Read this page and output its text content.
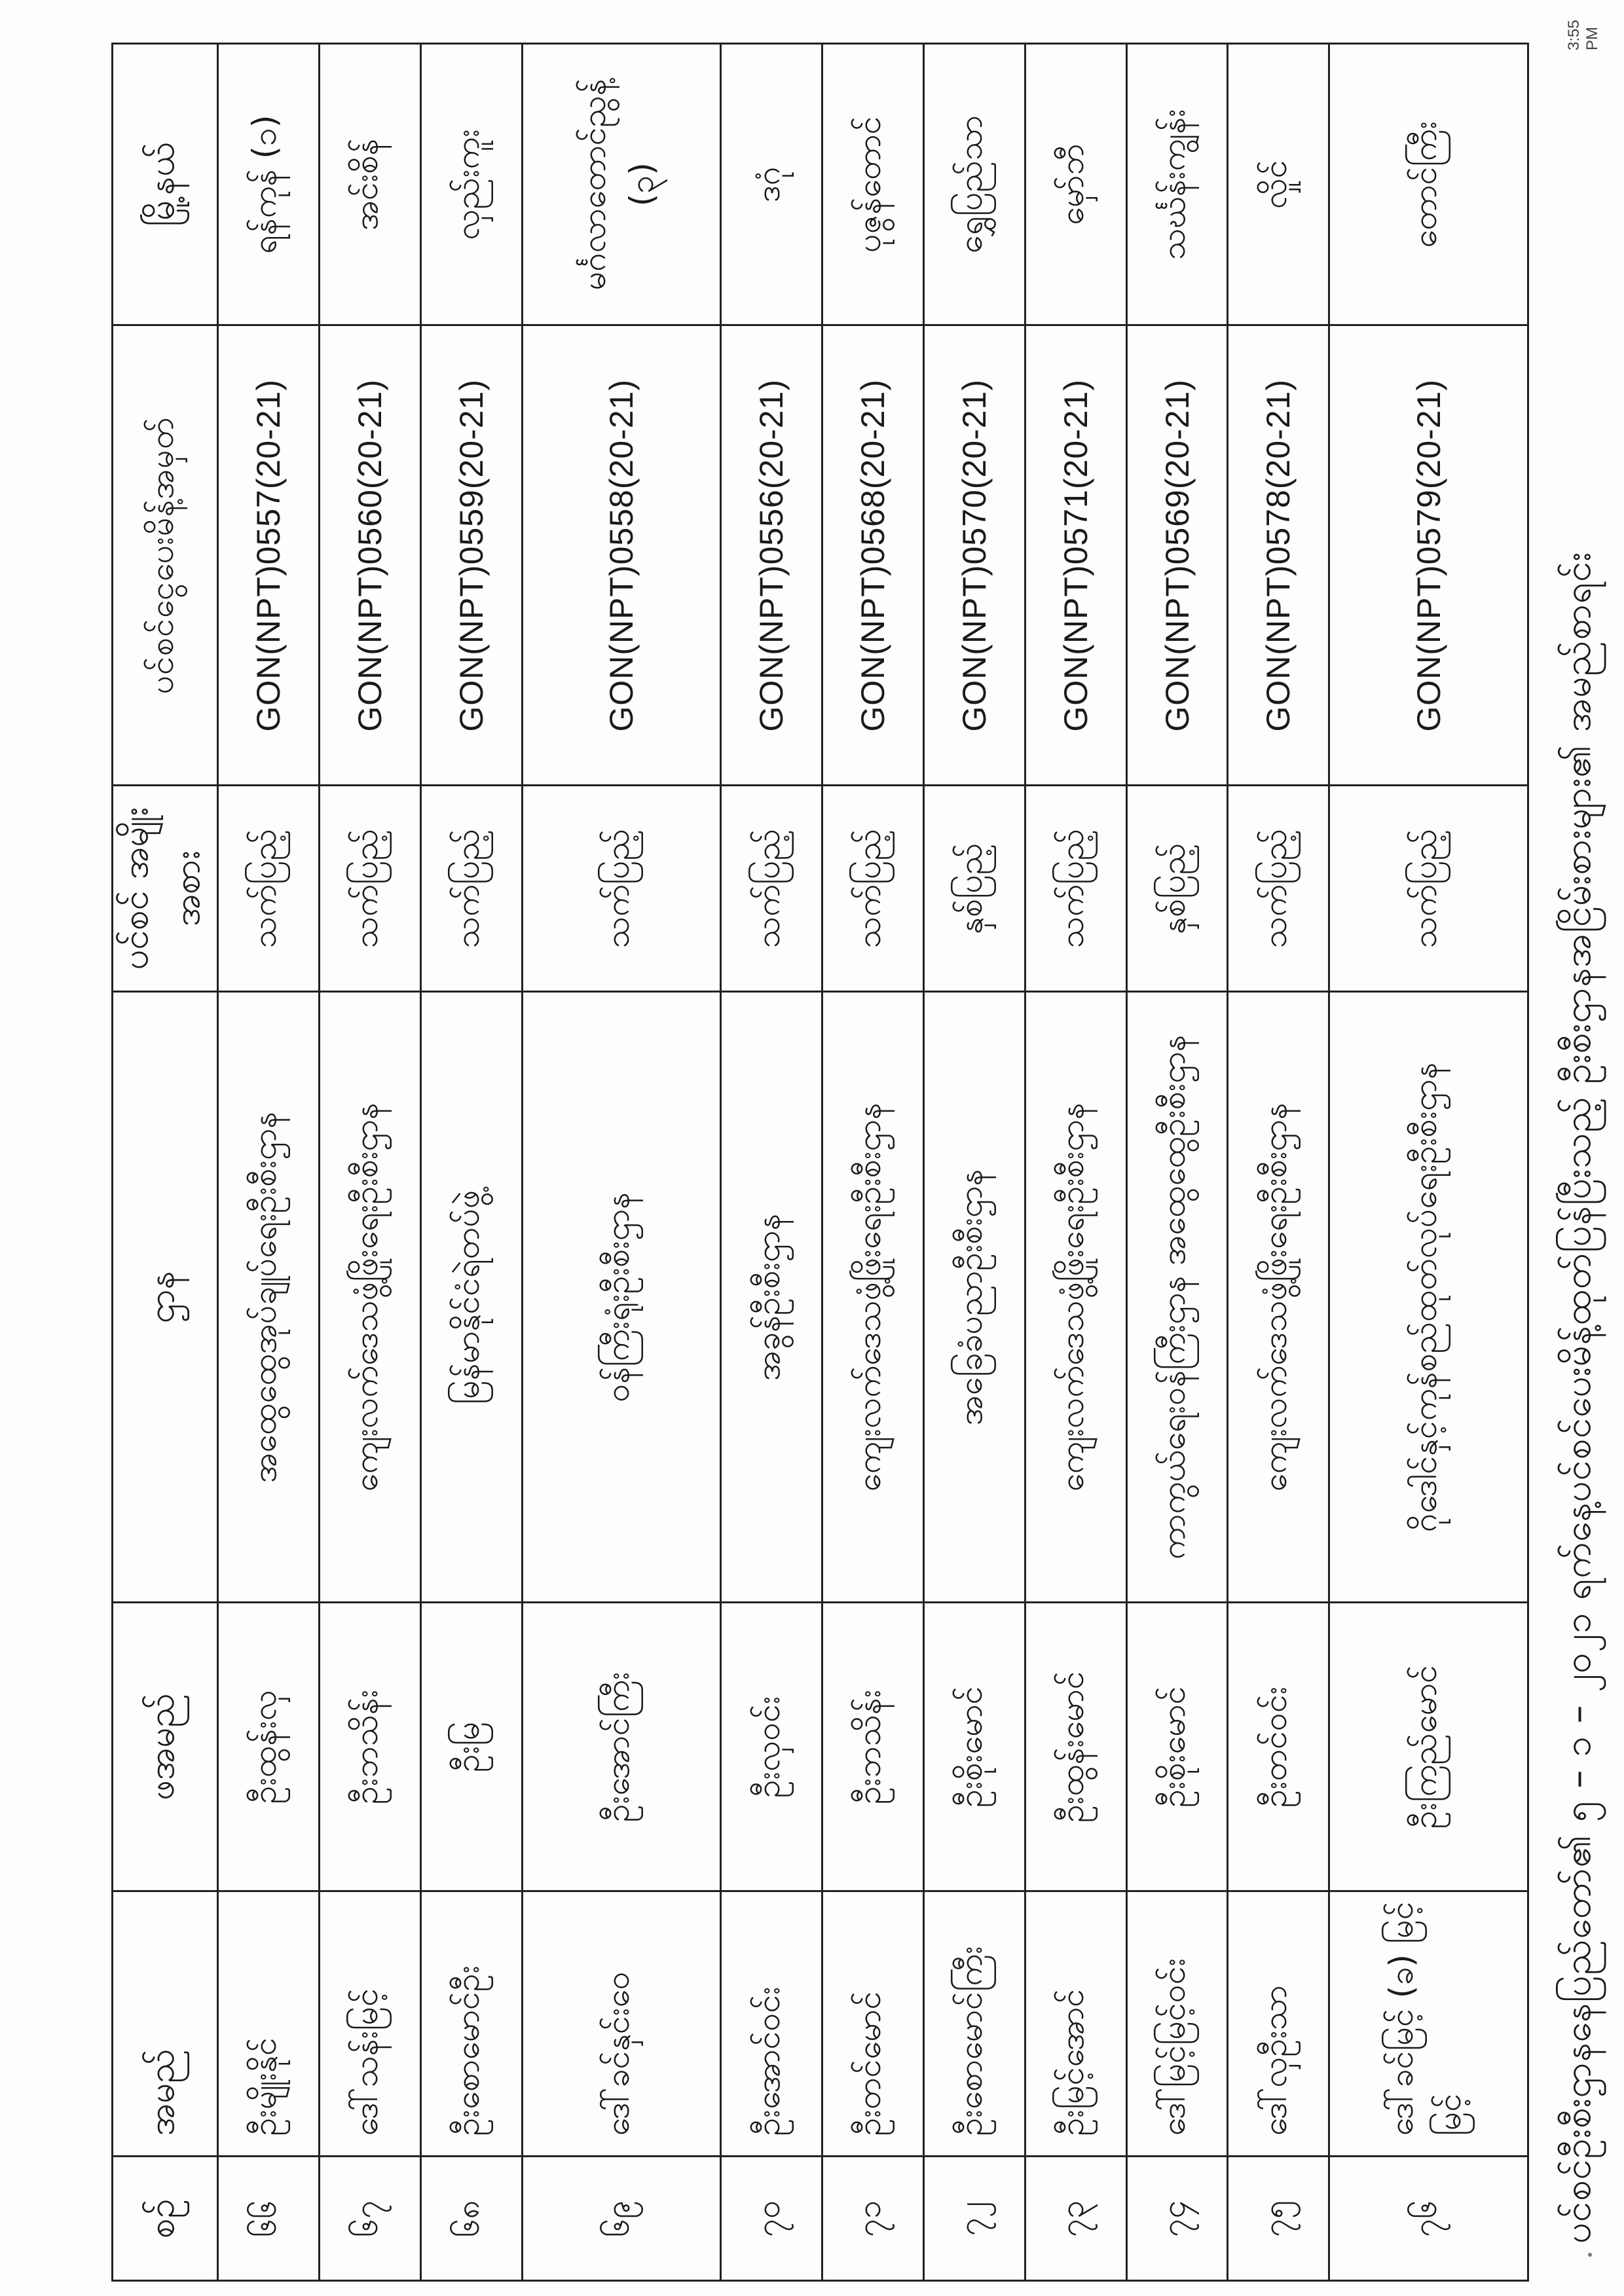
ပင်စင်ဦးစီးဌာနနေပြည်တော်၏ ၅ – ၁ – ၂၀၂၁ ရက်နေ့ပင်စင်ပေးမိန့်ထုတ်ပြန်ပြီးသည့် ဦးစီးဌာနအငြိမ်းစားများ၏ အမည်စာရင်း
စဉ်	အမည်	ဖအမည်	ဌာန	ပင်စင် အမျိုးအစား	ပင်စင်ငွေပေးမိန့်အမှတ်	မြို့နယ်
၆၆	ဦးမျိုးနိုင်	ဦးထွန်းလှ	အထွေထွေအုပ်ချုပ်ရေးဦးစီးဌာန	သက်ပြည့်	GON(NPT)0557(20-21)	ရန်ကုန် (၁)
၆၇	ဒေါ်သန်းမြင့်	ဦးဘသိန်း	ကျေးလက်ဒေသဖွံ့ဖြိုးရေးဦးစီးဌာန	သက်ပြည့်	GON(NPT)0560(20-21)	အင်းစိန်
၆၈	ဦးစောမောင်ဦး	ဦးမြ	မြန်မာနိုင်ငံရဲတပ်ဖွဲ့	သက်ပြည့်	GON(NPT)0559(20-21)	လှည်းကူး
၆၉	ဒေါ်ခင်နှင်းဝေ	ဦးအောင်ကြီး	ဝန်ကြီးရုံးဦးစီးဌာန	သက်ပြည့်	GON(NPT)0558(20-21)	မင်္ဂလာတောင်ညွန့် (၃)
၇၀	ဦးအောင်ဝင်း	ဦးလှဝင်း	အခွန်ဦးစီးဌာန	သက်ပြည့်	GON(NPT)0556(20-21)	ဒဂုံ
၇၁	ဦးတင်မောင်	ဦးဘသိန်း	ကျေးလက်ဒေသဖွံ့ဖြိုးရေးဦးစီးဌာန	သက်ပြည့်	GON(NPT)0568(20-21)	ပုဇွန်တောင်
၇၂	ဦးစောမောင်ကြီး	ဦးစိုးမောင်	အခြေခံပညာဦးစီးဌာန	နှစ်ပြည့်	GON(NPT)0570(20-21)	ရွှေပြည်သာ
၇၃	ဦးမြင့်အောင်	ဦးထွန်းမောင်	ကျေးလက်ဒေသဖွံ့ဖြိုးရေးဦးစီးဌာန	သက်ပြည့်	GON(NPT)0571(20-21)	မှော်ဘီ
၇၄	ဒေါ်မြင့်မြင့်ဝင်း	ဦးစိုးမောင်	ကာကွယ်ရေးဝန်ကြီးဌာန အထွေထွေဦးစီးဌာန	နှစ်ပြည့်	GON(NPT)0569(20-21)	သင်္ဃန်းကျွန်း
၇၅	ဒေါ်လှဦးသာ	ဦးတင်ဝင်း	ကျေးလက်ဒေသဖွံ့ဖြိုးရေးဦးစီးဌာန	သက်ပြည့်	GON(NPT)0578(20-21)	လှိုင်
၇၆	ဒေါ်ခင်မြင့် (ခ) မြင့်မြင့်	ဦးကြည်မောင်	ဂိုဒေါင်နှင့်ကုန်စည်ထုတ်လုပ်ရေးဦးစီးဌာန	သက်ပြည့်	GON(NPT)0579(20-21)	တောင်ကြီး
3:55 PM
